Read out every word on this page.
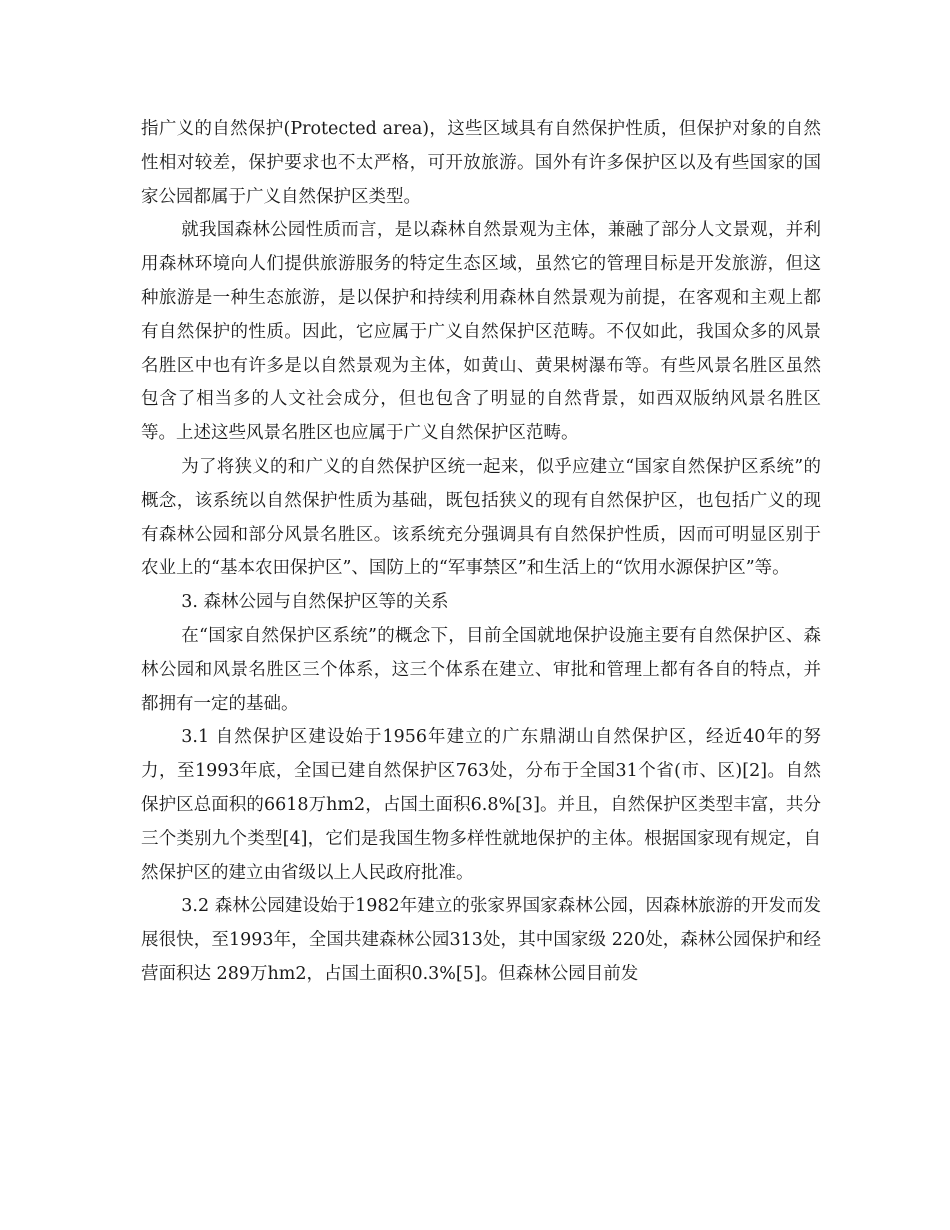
指广义的自然保护(Protected area)，这些区域具有自然保护性质，但保护对象的自然性相对较差，保护要求也不太严格，可开放旅游。国外有许多保护区以及有些国家的国家公园都属于广义自然保护区类型。

就我国森林公园性质而言，是以森林自然景观为主体，兼融了部分人文景观，并利用森林环境向人们提供旅游服务的特定生态区域，虽然它的管理目标是开发旅游，但这种旅游是一种生态旅游，是以保护和持续利用森林自然景观为前提，在客观和主观上都有自然保护的性质。因此，它应属于广义自然保护区范畴。不仅如此，我国众多的风景名胜区中也有许多是以自然景观为主体，如黄山、黄果树瀑布等。有些风景名胜区虽然包含了相当多的人文社会成分，但也包含了明显的自然背景，如西双版纳风景名胜区等。上述这些风景名胜区也应属于广义自然保护区范畴。

为了将狭义的和广义的自然保护区统一起来，似乎应建立“国家自然保护区系统”的概念，该系统以自然保护性质为基础，既包括狭义的现有自然保护区，也包括广义的现有森林公园和部分风景名胜区。该系统充分强调具有自然保护性质，因而可明显区别于农业上的“基本农田保护区”、国防上的“军事禁区”和生活上的“饮用水源保护区”等。

3. 森林公园与自然保护区等的关系

在“国家自然保护区系统”的概念下，目前全国就地保护设施主要有自然保护区、森林公园和风景名胜区三个体系，这三个体系在建立、审批和管理上都有各自的特点，并都拥有一定的基础。

3.1 自然保护区建设始于1956年建立的广东鼎湖山自然保护区，经近40年的努力，至1993年底，全国已建自然保护区763处，分布于全国31个省(市、区)[2]。自然保护区总面积的6618万hm2，占国土面积6.8%[3]。并且，自然保护区类型丰富，共分三个类别九个类型[4]，它们是我国生物多样性就地保护的主体。根据国家现有规定，自然保护区的建立由省级以上人民政府批准。

3.2 森林公园建设始于1982年建立的张家界国家森林公园，因森林旅游的开发而发展很快，至1993年，全国共建森林公园313处，其中国家级 220处，森林公园保护和经营面积达 289万hm2，占国土面积0.3%[5]。但森林公园目前发
